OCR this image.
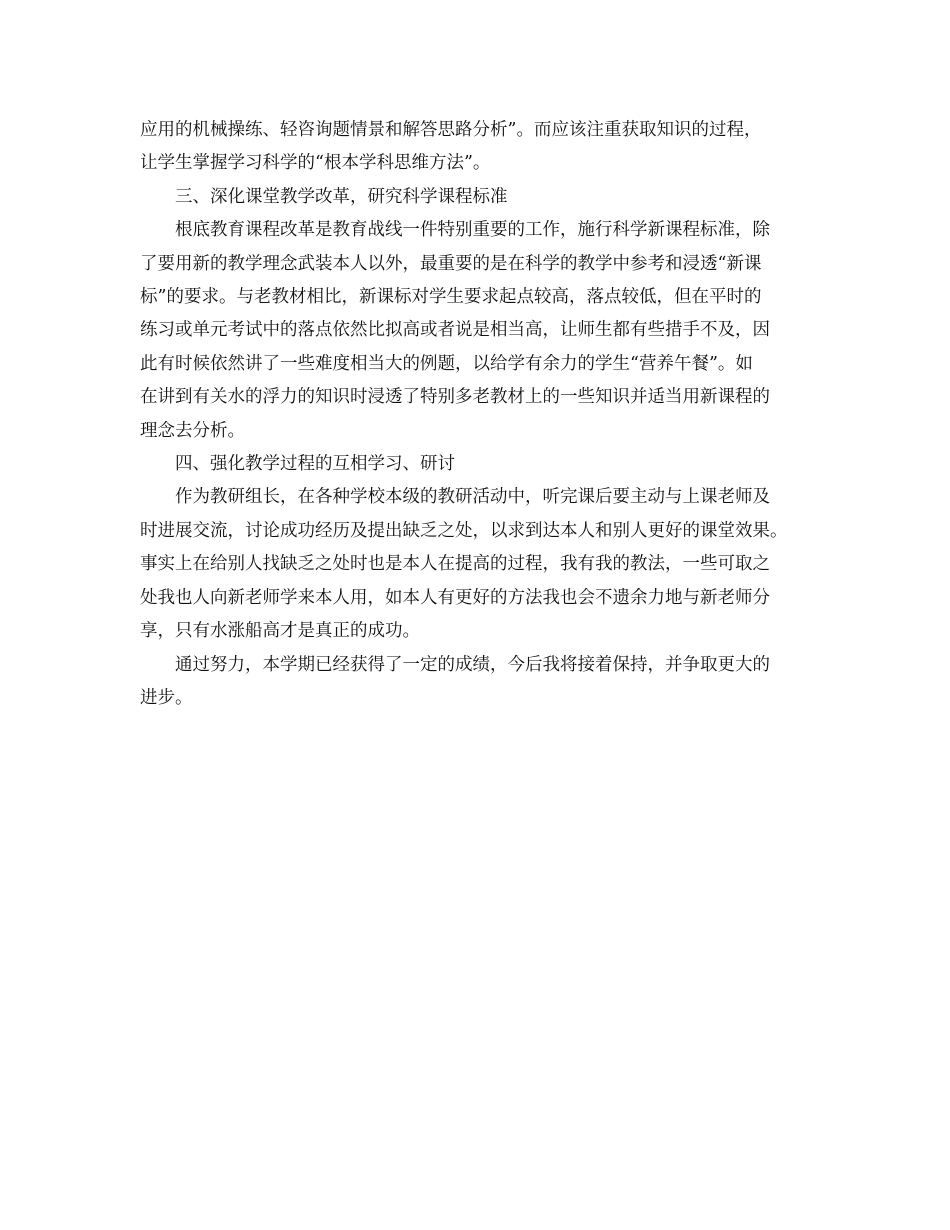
应用的机械操练、轻咨询题情景和解答思路分析”。而应该注重获取知识的过程，
让学生掌握学习科学的“根本学科思维方法”。

三、深化课堂教学改革，研究科学课程标准

根底教育课程改革是教育战线一件特别重要的工作，施行科学新课程标准，除
了要用新的教学理念武装本人以外，最重要的是在科学的教学中参考和浸透“新课
标”的要求。与老教材相比，新课标对学生要求起点较高，落点较低，但在平时的
练习或单元考试中的落点依然比拟高或者说是相当高，让师生都有些措手不及，因
此有时候依然讲了一些难度相当大的例题，以给学有余力的学生“营养午餐”。如
在讲到有关水的浮力的知识时浸透了特别多老教材上的一些知识并适当用新课程的
理念去分析。

四、强化教学过程的互相学习、研讨

作为教研组长，在各种学校本级的教研活动中，听完课后要主动与上课老师及
时进展交流，讨论成功经历及提出缺乏之处，以求到达本人和别人更好的课堂效果。
事实上在给别人找缺乏之处时也是本人在提高的过程，我有我的教法，一些可取之
处我也人向新老师学来本人用，如本人有更好的方法我也会不遗余力地与新老师分
享，只有水涨船高才是真正的成功。

通过努力，本学期已经获得了一定的成绩，今后我将接着保持，并争取更大的
进步。
